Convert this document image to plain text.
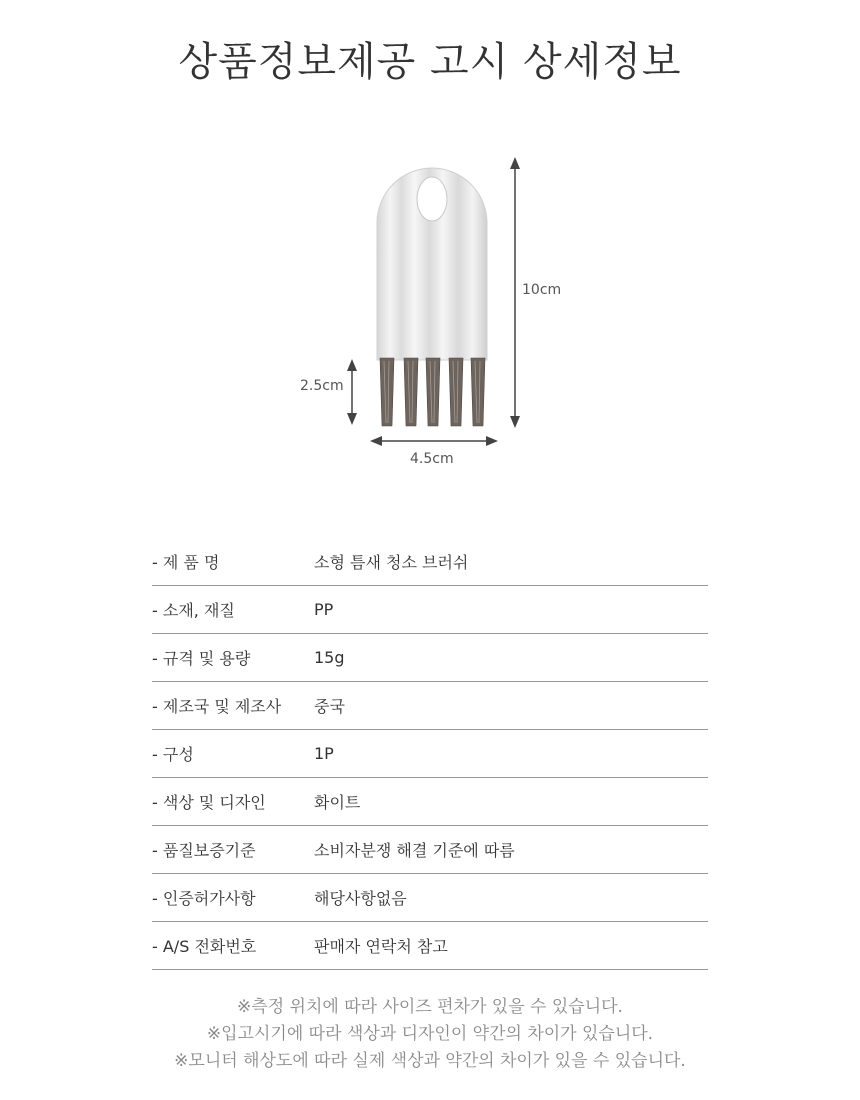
상품정보제공 고시 상세정보
10cm
2.5cm
4.5cm
- 제 품 명	소형 틈새 청소 브러쉬
- 소재, 재질	PP
- 규격 및 용량	15g
- 제조국 및 제조사	중국
- 구성	1P
- 색상 및 디자인	화이트
- 품질보증기준	소비자분쟁 해결 기준에 따름
- 인증허가사항	해당사항없음
- A/S 전화번호	판매자 연락처 참고
※측정 위치에 따라 사이즈 편차가 있을 수 있습니다.
※입고시기에 따라 색상과 디자인이 약간의 차이가 있습니다.
※모니터 해상도에 따라 실제 색상과 약간의 차이가 있을 수 있습니다.
